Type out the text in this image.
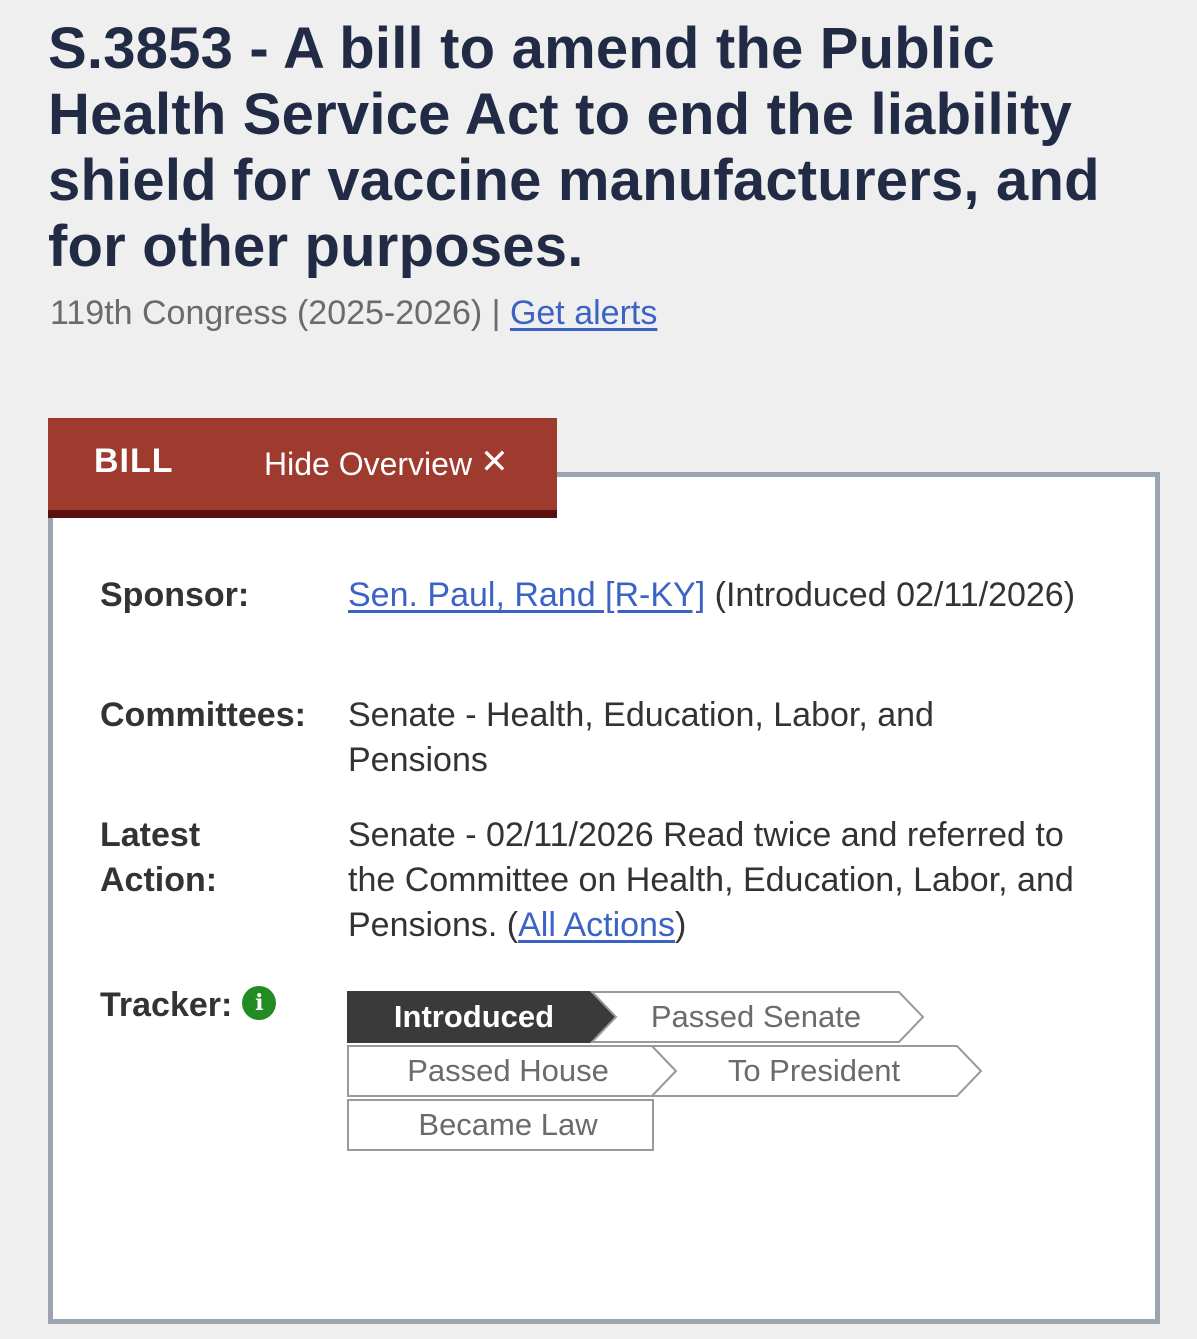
S.3853 - A bill to amend the Public Health Service Act to end the liability shield for vaccine manufacturers, and for other purposes.
119th Congress (2025-2026) | Get alerts
BILL	Hide Overview ✕
Sponsor:	Sen. Paul, Rand [R-KY] (Introduced 02/11/2026)
Committees: Senate - Health, Education, Labor, and Pensions
Latest
Action:
Senate - 02/11/2026 Read twice and referred to the Committee on Health, Education, Labor, and Pensions. (All Actions)
Tracker: i	Introduced	Passed Senate
Passed House	To President
Became Law
